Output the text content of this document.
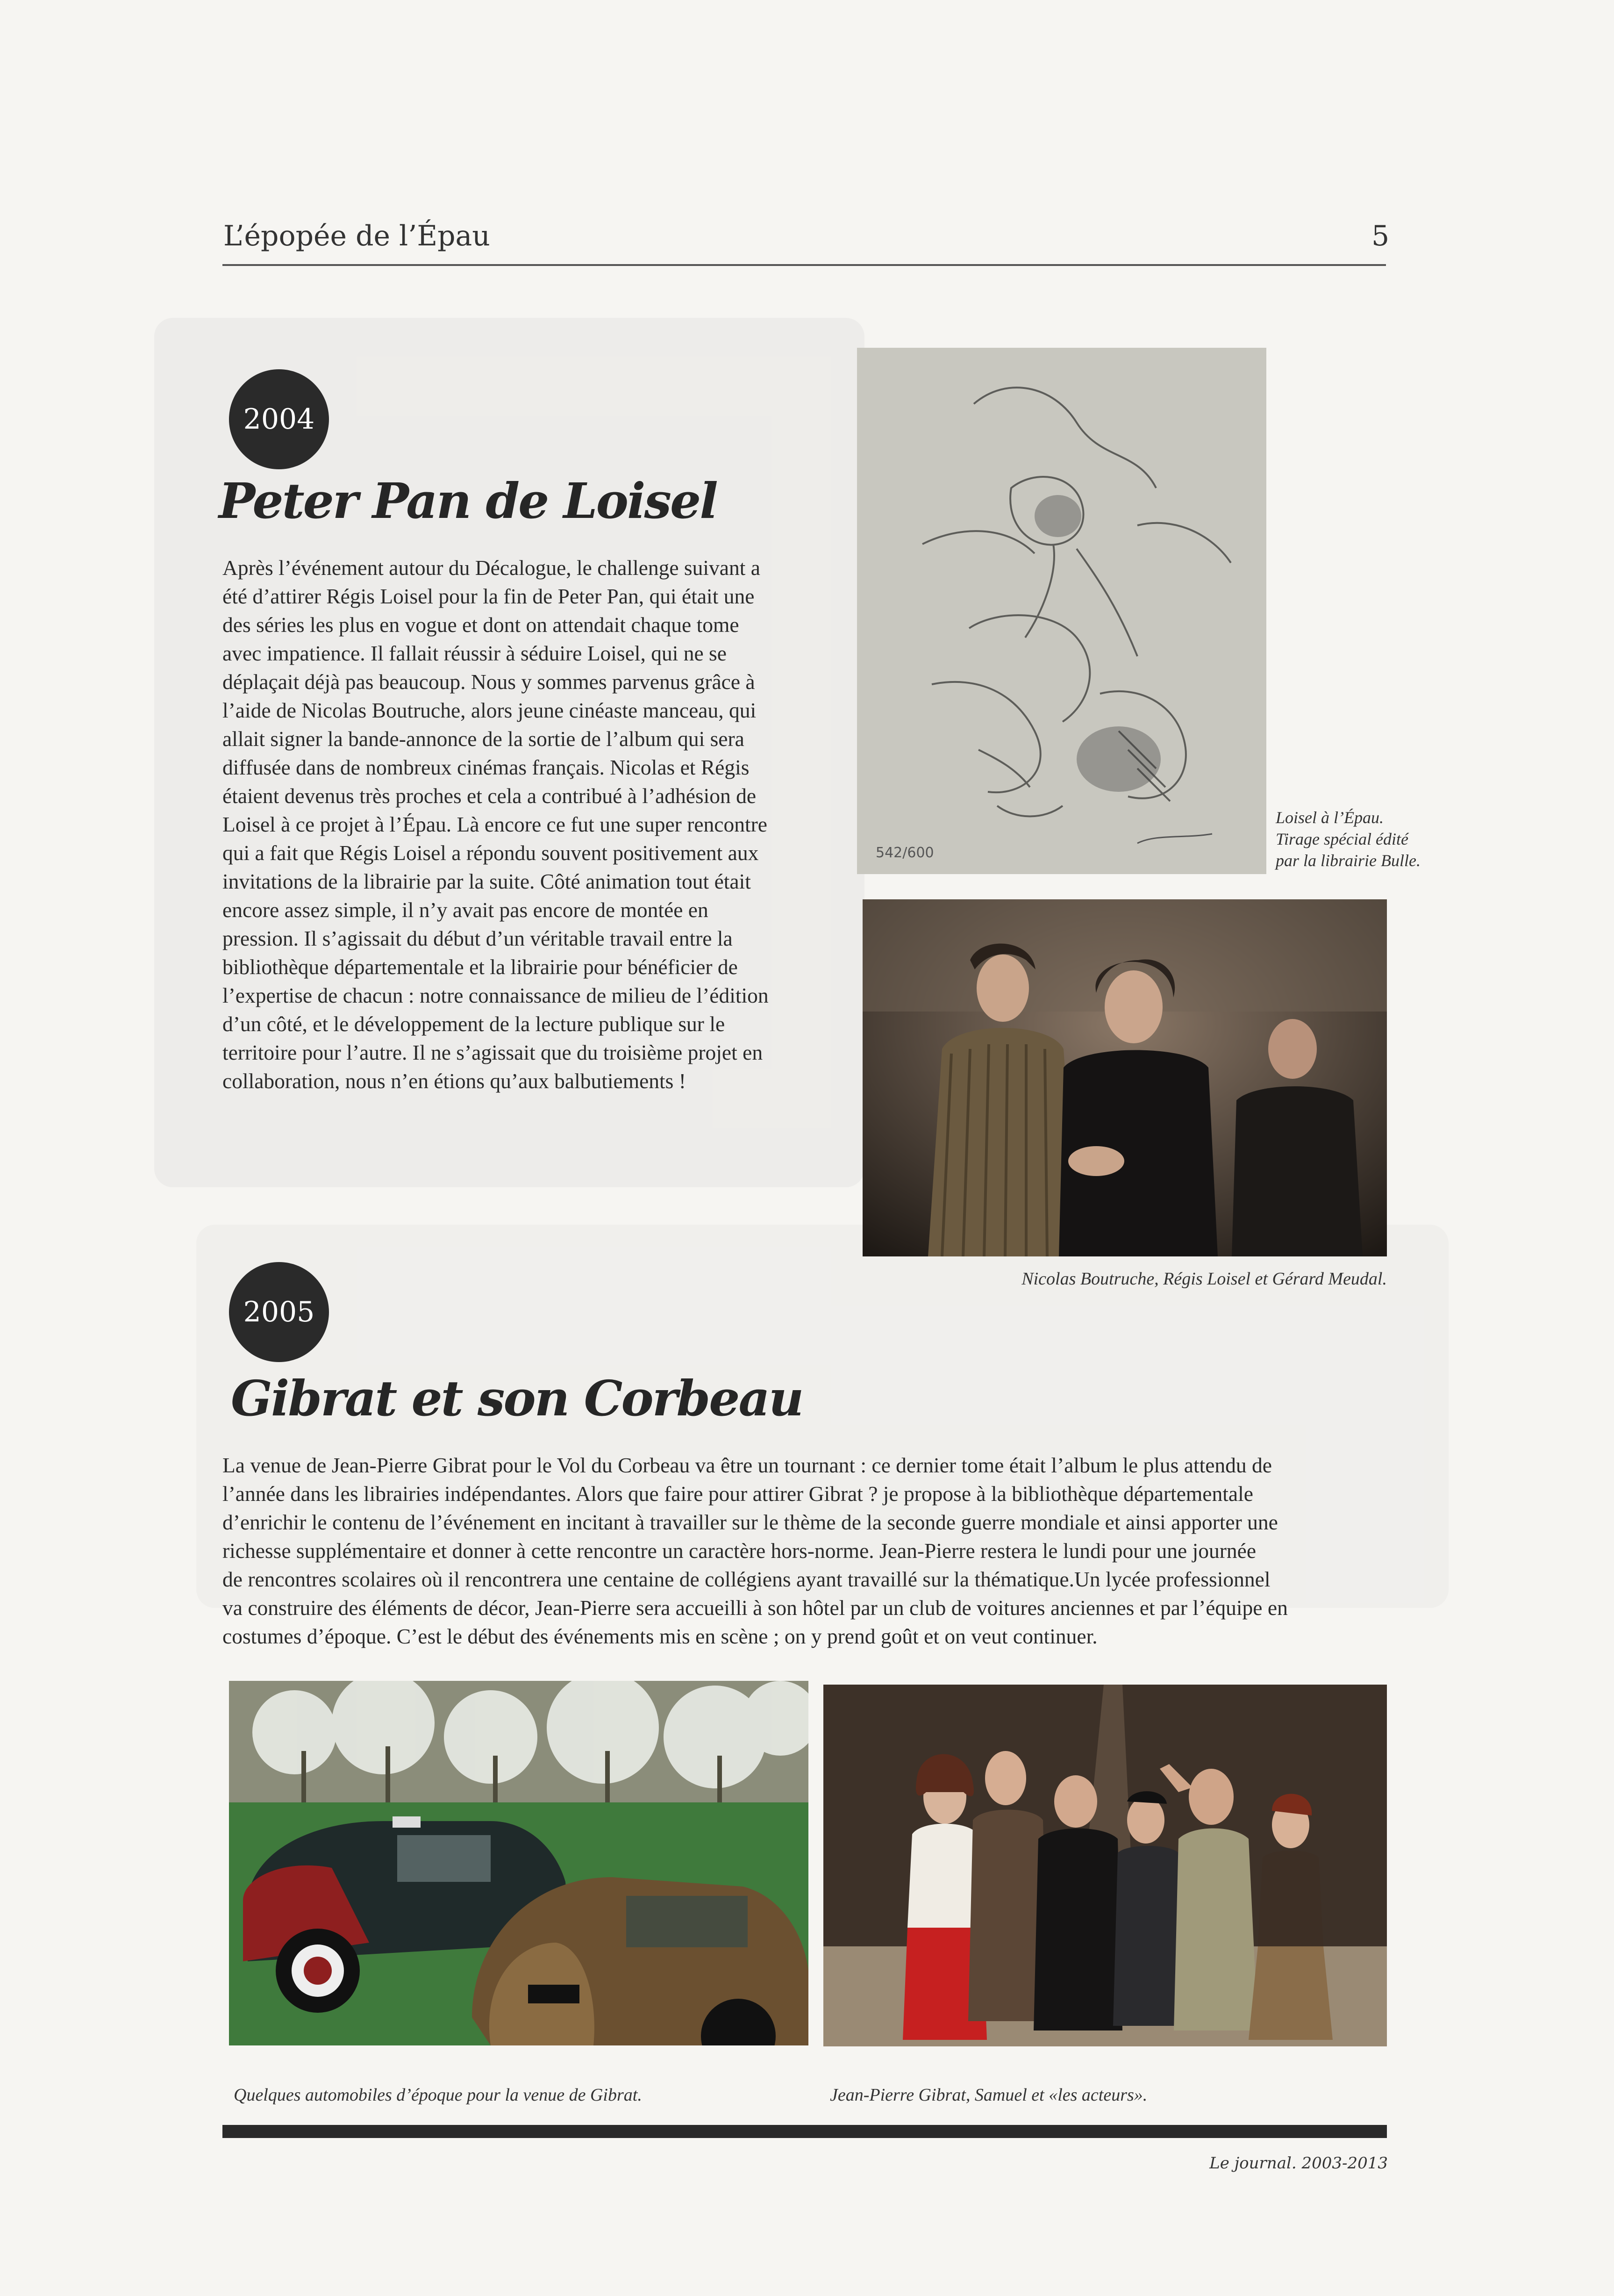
L’épopée de l’Épau	5
2004
Peter Pan de Loisel

Après l’événement autour du Décalogue, le challenge suivant a été d’attirer Régis Loisel pour la fin de Peter Pan, qui était une des séries les plus en vogue et dont on attendait chaque tome avec impatience. Il fallait réussir à séduire Loisel, qui ne se déplaçait déjà pas beaucoup. Nous y sommes parvenus grâce à l’aide de Nicolas Boutruche, alors jeune cinéaste manceau, qui allait signer la bande-annonce de la sortie de l’album qui sera diffusée dans de nombreux cinémas français. Nicolas et Régis étaient devenus très proches et cela a contribué à l’adhésion de Loisel à ce projet à l’Épau. Là encore ce fut une super rencontre qui a fait que Régis Loisel a répondu souvent positivement aux invitations de la librairie par la suite. Côté animation tout était encore assez simple, il n’y avait pas encore de montée en pression. Il s’agissait du début d’un véritable travail entre la bibliothèque départementale et la librairie pour bénéficier de l’expertise de chacun : notre connaissance de milieu de l’édition d’un côté, et le développement de la lecture publique sur le territoire pour l’autre. Il ne s’agissait que du troisième projet en collaboration, nous n’en étions qu’aux balbutiements !

542/600
Loisel à l’Épau.
Tirage spécial édité
par la librairie Bulle.
Nicolas Boutruche, Régis Loisel et Gérard Meudal.
2005
Gibrat et son Corbeau

La venue de Jean-Pierre Gibrat pour le Vol du Corbeau va être un tournant : ce dernier tome était l’album le plus attendu de
l’année dans les librairies indépendantes. Alors que faire pour attirer Gibrat ? je propose à la bibliothèque départementale
d’enrichir le contenu de l’événement en incitant à travailler sur le thème de la seconde guerre mondiale et ainsi apporter une
richesse supplémentaire et donner à cette rencontre un caractère hors-norme. Jean-Pierre restera le lundi pour une journée
de rencontres scolaires où il rencontrera une centaine de collégiens ayant travaillé sur la thématique.Un lycée professionnel
va construire des éléments de décor, Jean-Pierre sera accueilli à son hôtel par un club de voitures anciennes et par l’équipe en
costumes d’époque. C’est le début des événements mis en scène ; on y prend goût et on veut continuer.

Quelques automobiles d’époque pour la venue de Gibrat.	Jean-Pierre Gibrat, Samuel et «les acteurs».
Le journal. 2003-2013
